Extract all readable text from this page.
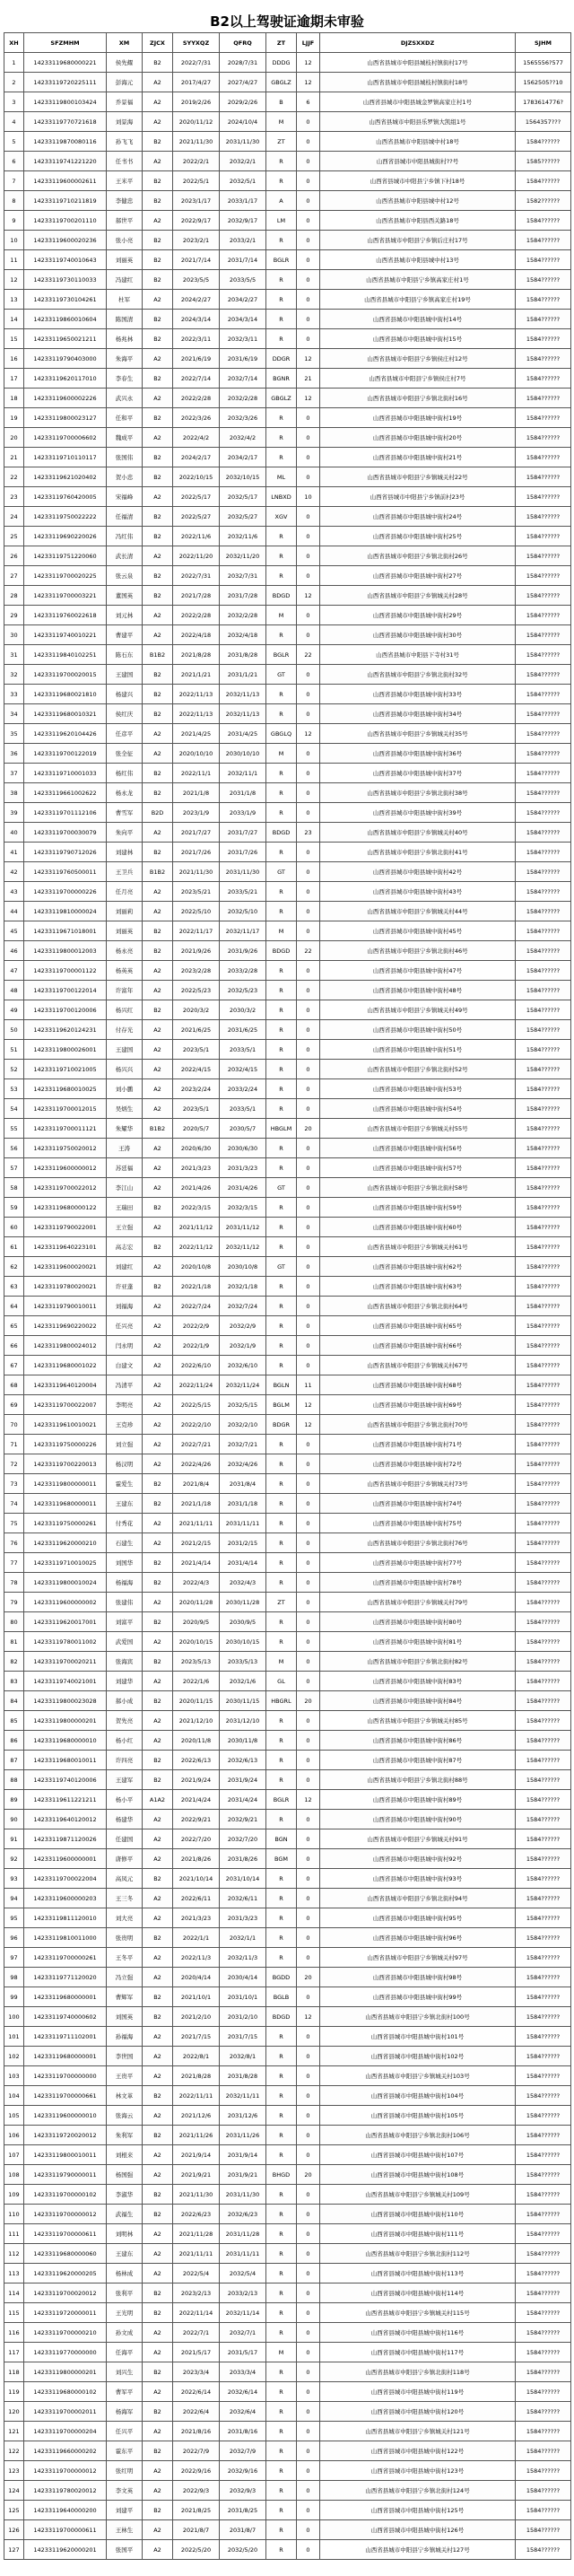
B2以上驾驶证逾期未审验
XH	SFZMHM	XM	ZJCX	SYYXQZ	QFRQ	ZT	LJJF	DJZSXXDZ	SJHM
1	14233119680000221	侯先耀	B2	2022/7/31	2028/7/31	DDDG	12	山西省县城市中阳县城枝村镇街村17号	1565556?577
2	14233119720225111	彭海元	A2	2017/4/27	2027/4/27	GBGLZ	12	山西省县城市中阳县城枝村镇街村18号	1562505??10
3	14233119800103424	乔景福	A2	2019/2/26	2029/2/26	B	6	山西省县城市中阳县城金罗镇高家庄村1号	1783614776?
4	14233119770721618	刘景海	A2	2020/11/12	2024/10/4	M	0	山西省县城市中阳县乐罗镇大凯组1号	1564357???
5	14233119870080116	孙飞飞	B2	2021/11/30	2031/11/30	ZT	0	山西省县城市中阳县城中村18号	1584??????
6	14233119741221220	任书书	A2	2022/2/1	2032/2/1	R	0	山西省县城市中阳县城街村??号	1585??????
7	14233119600002611	王米平	B2	2022/5/1	2032/5/1	R	0	山西省县城市中阳县宁乡镇下村18号	1584??????
8	14233119710211819	李健忠	B2	2023/1/17	2033/1/17	A	0	山西省县城市中阳县城中村12号	1582??????
9	14233119700201110	郝世平	A2	2022/9/17	2032/9/17	LM	0	山西省县城市中阳县西关路18号	1584??????
10	14233119600020236	张小亮	B2	2023/2/1	2033/2/1	R	0	山西省县城市中阳县宁乡镇后庄村17号	1584??????
11	14233119740010643	刘丽英	B2	2021/7/14	2031/7/14	BGLR	0	山西省县城市中阳县城中村13号	1584??????
12	14233119730110033	冯建红	B2	2023/5/5	2033/5/5	R	0	山西省县城市中阳县宁乡镇高家庄村1号	1584??????
13	14233119730104261	杜军	A2	2024/2/27	2034/2/27	R	0	山西省县城市中阳县宁乡镇高家庄村19号	1584??????
14	14233119860010604	陈国清	B2	2024/3/14	2034/3/14	R	0	山西省县城市中阳县城中街村14号	1584??????
15	14233119650021211	杨兆林	B2	2022/3/11	2032/3/11	R	0	山西省县城市中阳县城中街村15号	1584??????
16	14233119790403000	朱海平	A2	2021/6/19	2031/6/19	DDGR	12	山西省县城市中阳县宁乡镇侯庄村12号	1584??????
17	14233119620117010	李春生	B2	2022/7/14	2032/7/14	BGNR	21	山西省县城市中阳县宁乡镇侯庄村7号	1584??????
18	14233119600002226	武兴永	A2	2022/2/28	2032/2/28	GBGLZ	12	山西省县城市中阳县宁乡镇北街村16号	1584??????
19	14233119800023127	任和平	B2	2022/3/26	2032/3/26	R	0	山西省县城市中阳县城中街村19号	1584??????
20	14233119700006602	魏成平	A2	2022/4/2	2032/4/2	R	0	山西省县城市中阳县城中街村20号	1584??????
21	14233119710110117	张国伟	B2	2024/2/17	2034/2/17	R	0	山西省县城市中阳县城中街村21号	1584??????
22	14233119621020402	贺小忠	B2	2022/10/15	2032/10/15	ML	0	山西省县城市中阳县宁乡镇城关村22号	1584??????
23	14233119760420005	宋福峰	A2	2022/5/17	2032/5/17	LNBXD	10	山西省县城市中阳县宁乡镇前村23号	1584??????
24	14233119750022222	任福清	B2	2022/5/27	2032/5/27	XGV	0	山西省县城市中阳县城中街村24号	1584??????
25	14233119690220026	冯红伟	B2	2022/11/6	2032/11/6	R	0	山西省县城市中阳县城中街村25号	1584??????
26	14233119751220060	武长清	A2	2022/11/20	2032/11/20	R	0	山西省县城市中阳县宁乡镇北街村26号	1584??????
27	14233119700020225	张云泉	B2	2022/7/31	2032/7/31	R	0	山西省县城市中阳县城中街村27号	1584??????
28	14233119700003221	董国英	B2	2021/7/28	2031/7/28	BDGD	12	山西省县城市中阳县宁乡镇城关村28号	1584??????
29	14233119760022618	刘元林	A2	2022/2/28	2032/2/28	M	0	山西省县城市中阳县城中街村29号	1584??????
30	14233119740010221	曹建平	A2	2022/4/18	2032/4/18	R	0	山西省县城市中阳县城中街村30号	1584??????
31	14233119840102251	陈石东	B1B2	2021/8/28	2031/8/28	BGLR	22	山西省县城市中阳县下寺村31号	1584??????
32	14233119700020015	王建国	B2	2021/1/21	2031/1/21	GT	0	山西省县城市中阳县宁乡镇北街村32号	1584??????
33	14233119680021810	杨建兴	B2	2022/11/13	2032/11/13	R	0	山西省县城市中阳县城中街村33号	1584??????
34	14233119680010321	侯红庆	B2	2022/11/13	2032/11/13	R	0	山西省县城市中阳县城中街村34号	1584??????
35	14233119620104426	任彦平	A2	2021/4/25	2031/4/25	GBGLQ	12	山西省县城市中阳县宁乡镇城关村35号	1584??????
36	14233119700122019	张全征	A2	2020/10/10	2030/10/10	M	0	山西省县城市中阳县城中街村36号	1584??????
37	14233119710001033	杨红伟	B2	2022/11/1	2032/11/1	R	0	山西省县城市中阳县城中街村37号	1584??????
38	14233119661002622	杨永龙	B2	2021/1/8	2031/1/8	R	0	山西省县城市中阳县宁乡镇北街村38号	1584??????
39	14233119701112106	曹雪军	B2D	2023/1/9	2033/1/9	R	0	山西省县城市中阳县城中街村39号	1584??????
40	14233119700030079	朱向平	A2	2021/7/27	2031/7/27	BDGD	23	山西省县城市中阳县宁乡镇城关村40号	1584??????
41	14233119790712026	刘建林	B2	2021/7/26	2031/7/26	R	0	山西省县城市中阳县宁乡镇北街村41号	1584??????
42	14233119760500011	王卫兵	B1B2	2021/11/30	2031/11/30	GT	0	山西省县城市中阳县城中街村42号	1584??????
43	14233119700000226	任月亮	A2	2023/5/21	2033/5/21	R	0	山西省县城市中阳县城中街村43号	1584??????
44	14233119810000024	刘丽莉	A2	2022/5/10	2032/5/10	R	0	山西省县城市中阳县宁乡镇城关村44号	1584??????
45	14233119671018001	刘丽英	B2	2022/11/17	2032/11/17	M	0	山西省县城市中阳县城中街村45号	1584??????
46	14233119800012003	杨永亮	B2	2021/9/26	2031/9/26	BDGD	22	山西省县城市中阳县宁乡镇北街村46号	1584??????
47	14233119700001122	杨英英	A2	2023/2/28	2033/2/28	R	0	山西省县城市中阳县城中街村47号	1584??????
48	14233119700122014	许富年	A2	2022/5/23	2032/5/23	R	0	山西省县城市中阳县城中街村48号	1584??????
49	14233119700120006	杨兴红	B2	2020/3/2	2030/3/2	R	0	山西省县城市中阳县宁乡镇城关村49号	1584??????
50	14233119620124231	付存光	A2	2021/6/25	2031/6/25	R	0	山西省县城市中阳县城中街村50号	1584??????
51	14233119800026001	王建国	A2	2023/5/1	2033/5/1	R	0	山西省县城市中阳县城中街村51号	1584??????
52	14233119710021005	杨兴兴	A2	2022/4/15	2032/4/15	R	0	山西省县城市中阳县宁乡镇北街村52号	1584??????
53	14233119680010025	刘小鹏	A2	2023/2/24	2033/2/24	R	0	山西省县城市中阳县城中街村53号	1584??????
54	14233119700012015	吴炳生	A2	2023/5/1	2033/5/1	R	0	山西省县城市中阳县城中街村54号	1584??????
55	14233119700011121	朱耀华	B1B2	2020/5/7	2030/5/7	HBGLM	20	山西省县城市中阳县宁乡镇城关村55号	1584??????
56	14233119750020012	王涛	A2	2020/6/30	2030/6/30	R	0	山西省县城市中阳县城中街村56号	1584??????
57	14233119600000012	苏廷福	A2	2021/3/23	2031/3/23	R	0	山西省县城市中阳县城中街村57号	1584??????
58	14233119700022012	李江山	A2	2021/4/26	2031/4/26	GT	0	山西省县城市中阳县宁乡镇北街村58号	1584??????
59	14233119680000122	王瑞田	B2	2022/3/15	2032/3/15	R	0	山西省县城市中阳县城中街村59号	1584??????
60	14233119790022001	王立强	A2	2021/11/12	2031/11/12	R	0	山西省县城市中阳县城中街村60号	1584??????
61	14233119640223101	高志宏	B2	2022/11/12	2032/11/12	R	0	山西省县城市中阳县宁乡镇城关村61号	1584??????
62	14233119600020021	刘建红	A2	2020/10/8	2030/10/8	GT	0	山西省县城市中阳县城中街村62号	1584??????
63	14233119780020021	许亚蓬	B2	2022/1/18	2032/1/18	R	0	山西省县城市中阳县城中街村63号	1584??????
64	14233119790010011	刘福海	A2	2022/7/24	2032/7/24	R	0	山西省县城市中阳县宁乡镇北街村64号	1584??????
65	14233119690220022	任兴亮	A2	2022/2/9	2032/2/9	R	0	山西省县城市中阳县城中街村65号	1584??????
66	14233119800024012	闫永明	A2	2022/1/9	2032/1/9	R	0	山西省县城市中阳县城中街村66号	1584??????
67	14233119680001022	白建文	A2	2022/6/10	2032/6/10	R	0	山西省县城市中阳县宁乡镇城关村67号	1584??????
68	14233119640120004	冯清平	A2	2022/11/24	2032/11/24	BGLN	11	山西省县城市中阳县城中街村68号	1584??????
69	14233119700022007	李明亮	A2	2022/5/15	2032/5/15	BGLM	12	山西省县城市中阳县城中街村69号	1584??????
70	14233119610010021	王克珍	A2	2022/2/10	2032/2/10	BDGR	12	山西省县城市中阳县宁乡镇北街村70号	1584??????
71	14233119750000226	刘立强	A2	2022/7/21	2032/7/21	R	0	山西省县城市中阳县城中街村71号	1584??????
72	14233119700220013	杨汉明	A2	2022/4/26	2032/4/26	R	0	山西省县城市中阳县城中街村72号	1584??????
73	14233119800000011	霍爱生	B2	2021/8/4	2031/8/4	R	0	山西省县城市中阳县宁乡镇城关村73号	1584??????
74	14233119680000011	王建东	B2	2021/1/18	2031/1/18	R	0	山西省县城市中阳县城中街村74号	1584??????
75	14233119750000261	付秀花	A2	2021/11/11	2031/11/11	R	0	山西省县城市中阳县城中街村75号	1584??????
76	14233119620000210	石建生	A2	2021/2/15	2031/2/15	R	0	山西省县城市中阳县宁乡镇北街村76号	1584??????
77	14233119710010025	刘国华	B2	2021/4/14	2031/4/14	R	0	山西省县城市中阳县城中街村77号	1584??????
78	14233119800010024	杨福海	B2	2022/4/3	2032/4/3	R	0	山西省县城市中阳县城中街村78号	1584??????
79	14233119600000002	张建伟	A2	2020/11/28	2030/11/28	ZT	0	山西省县城市中阳县宁乡镇城关村79号	1584??????
80	14233119620017001	刘富平	B2	2020/9/5	2030/9/5	R	0	山西省县城市中阳县城中街村80号	1584??????
81	14233119780011002	武爱国	A2	2020/10/15	2030/10/15	R	0	山西省县城市中阳县城中街村81号	1584??????
82	14233119700020211	张海宾	B2	2023/5/13	2033/5/13	M	0	山西省县城市中阳县宁乡镇北街村82号	1584??????
83	14233119740021001	刘建华	A2	2022/1/6	2032/1/6	GL	0	山西省县城市中阳县城中街村83号	1584??????
84	14233119800023028	郝小成	B2	2020/11/15	2030/11/15	HBGRL	20	山西省县城市中阳县城中街村84号	1584??????
85	14233119800000201	贺先亮	A2	2021/12/10	2031/12/10	R	0	山西省县城市中阳县宁乡镇城关村85号	1584??????
86	14233119680000010	杨小红	A2	2020/11/8	2030/11/8	R	0	山西省县城市中阳县城中街村86号	1584??????
87	14233119680010011	许四亮	B2	2022/6/13	2032/6/13	R	0	山西省县城市中阳县城中街村87号	1584??????
88	14233119740120006	王建军	B2	2021/9/24	2031/9/24	R	0	山西省县城市中阳县宁乡镇北街村88号	1584??????
89	14233119611221211	杨小平	A1A2	2021/4/24	2031/4/24	BGLR	12	山西省县城市中阳县城中街村89号	1584??????
90	14233119640120012	杨建华	A2	2022/9/21	2032/9/21	R	0	山西省县城市中阳县城中街村90号	1584??????
91	14233119871120026	任建国	A2	2022/7/20	2032/7/20	BGN	0	山西省县城市中阳县宁乡镇城关村91号	1584??????
92	14233119600000001	唐修平	A2	2021/8/26	2031/8/26	BGM	0	山西省县城市中阳县城中街村92号	1584??????
93	14233119700022004	高凤元	B2	2021/10/14	2031/10/14	R	0	山西省县城市中阳县城中街村93号	1584??????
94	14233119600000203	王三冬	A2	2022/6/11	2032/6/11	R	0	山西省县城市中阳县宁乡镇北街村94号	1584??????
95	14233119811120010	刘大亮	A2	2021/3/23	2031/3/23	R	0	山西省县城市中阳县城中街村95号	1584??????
96	14233119810011000	张贵明	B2	2022/1/1	2032/1/1	R	0	山西省县城市中阳县城中街村96号	1584??????
97	14233119700000261	王冬平	A2	2022/11/3	2032/11/3	R	0	山西省县城市中阳县宁乡镇城关村97号	1584??????
98	14233119771120020	冯立强	A2	2020/4/14	2030/4/14	BGDD	20	山西省县城市中阳县城中街村98号	1584??????
99	14233119680000001	曹辉军	B2	2021/10/1	2031/10/1	BGLB	0	山西省县城市中阳县城中街村99号	1584??????
100	14233119740000602	刘国英	B2	2021/2/10	2031/2/10	BDGD	12	山西省县城市中阳县宁乡镇北街村100号	1584??????
101	14233119711102001	孙福海	A2	2021/7/15	2031/7/15	R	0	山西省县城市中阳县城中街村101号	1584??????
102	14233119680000001	李世国	A2	2022/8/1	2032/8/1	R	0	山西省县城市中阳县城中街村102号	1584??????
103	14233119700000000	王贵平	A2	2021/8/28	2031/8/28	R	0	山西省县城市中阳县宁乡镇城关村103号	1584??????
104	14233119700000661	林文革	B2	2022/11/11	2032/11/11	R	0	山西省县城市中阳县城中街村104号	1584??????
105	14233119600000010	张海云	A2	2021/12/6	2031/12/6	R	0	山西省县城市中阳县城中街村105号	1584??????
106	14233119720020012	朱利军	B2	2021/11/26	2031/11/26	R	0	山西省县城市中阳县宁乡镇北街村106号	1584??????
107	14233119800010011	刘根来	A2	2021/9/14	2031/9/14	R	0	山西省县城市中阳县城中街村107号	1584??????
108	14233119790000011	杨国强	A2	2021/9/21	2031/9/21	BHGD	20	山西省县城市中阳县城中街村108号	1584??????
109	14233119700000102	李淑华	B2	2021/11/30	2031/11/30	R	0	山西省县城市中阳县宁乡镇城关村109号	1584??????
110	14233119700000012	武福生	B2	2022/6/23	2032/6/23	R	0	山西省县城市中阳县城中街村110号	1584??????
111	14233119700000611	刘明林	A2	2021/11/28	2031/11/28	R	0	山西省县城市中阳县城中街村111号	1584??????
112	14233119680000060	王建东	A2	2021/11/11	2031/11/11	R	0	山西省县城市中阳县宁乡镇北街村112号	1584??????
113	14233119620000205	杨林成	A2	2022/5/4	2032/5/4	R	0	山西省县城市中阳县城中街村113号	1584??????
114	14233119700020012	张利平	B2	2023/2/13	2033/2/13	R	0	山西省县城市中阳县城中街村114号	1584??????
115	14233119720000011	王光明	B2	2022/11/14	2032/11/14	R	0	山西省县城市中阳县宁乡镇城关村115号	1584??????
116	14233119700000210	孙文成	A2	2022/7/1	2032/7/1	R	0	山西省县城市中阳县城中街村116号	1584??????
117	14233119770000000	任海平	A2	2021/5/17	2031/5/17	M	0	山西省县城市中阳县城中街村117号	1584??????
118	14233119800000201	刘兴生	B2	2023/3/4	2033/3/4	R	0	山西省县城市中阳县宁乡镇北街村118号	1584??????
119	14233119680000102	曹军平	A2	2022/6/14	2032/6/14	R	0	山西省县城市中阳县城中街村119号	1584??????
120	14233119700002011	杨海军	B2	2022/6/4	2032/6/4	R	0	山西省县城市中阳县城中街村120号	1584??????
121	14233119700000204	任兴平	A2	2021/8/16	2031/8/16	R	0	山西省县城市中阳县宁乡镇城关村121号	1584??????
122	14233119660000202	霍东平	B2	2022/7/9	2032/7/9	R	0	山西省县城市中阳县城中街村122号	1584??????
123	14233119700000012	张红明	A2	2022/9/16	2032/9/16	R	0	山西省县城市中阳县城中街村123号	1584??????
124	14233119780020012	李文英	A2	2022/9/3	2032/9/3	R	0	山西省县城市中阳县宁乡镇北街村124号	1584??????
125	14233119640000200	刘建平	B2	2021/8/25	2031/8/25	R	0	山西省县城市中阳县城中街村125号	1584??????
126	14233119700000611	王林生	A2	2021/8/7	2031/8/7	R	0	山西省县城市中阳县城中街村126号	1584??????
127	14233119620000201	张国平	A2	2022/5/20	2032/5/20	R	0	山西省县城市中阳县宁乡镇城关村127号	1584??????
